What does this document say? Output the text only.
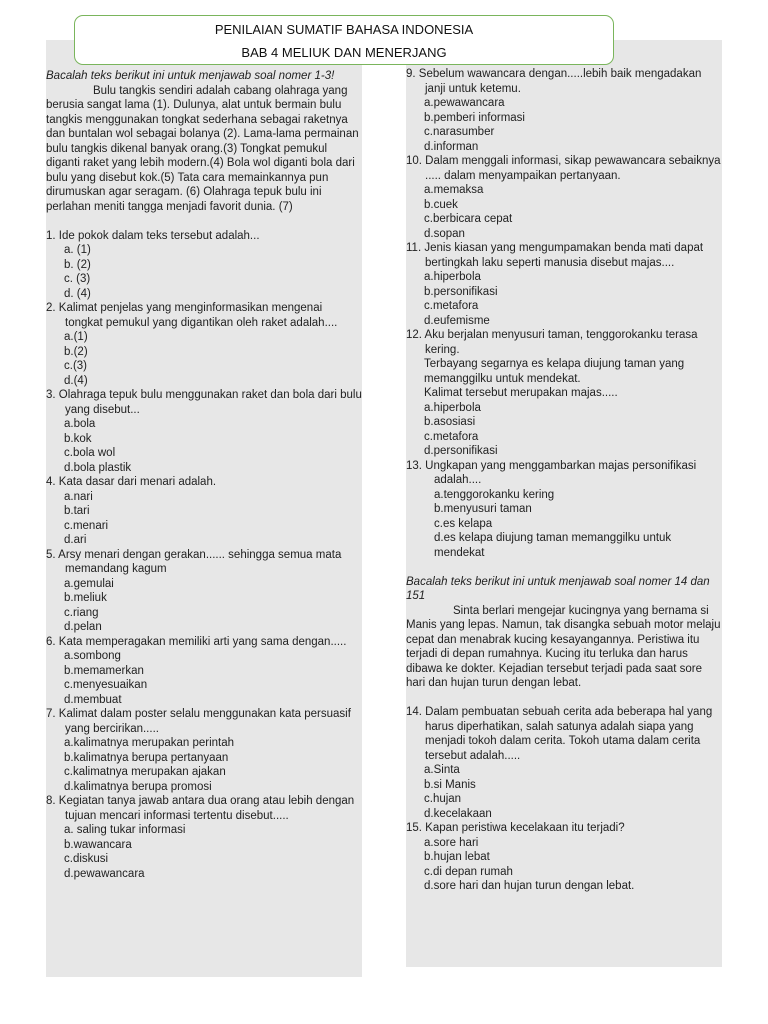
PENILAIAN SUMATIF BAHASA INDONESIA
BAB 4 MELIUK DAN MENERJANG
Bacalah teks berikut ini untuk menjawab soal nomer 1-3!
Bulu tangkis sendiri adalah cabang olahraga yang berusia sangat lama (1). Dulunya, alat untuk bermain bulu tangkis menggunakan tongkat sederhana sebagai raketnya dan buntalan wol sebagai bolanya (2). Lama-lama permainan bulu tangkis dikenal banyak orang.(3) Tongkat pemukul diganti raket yang lebih modern.(4) Bola wol diganti bola dari bulu yang disebut kok.(5) Tata cara memainkannya pun dirumuskan agar seragam. (6) Olahraga tepuk bulu ini perlahan meniti tangga menjadi favorit dunia. (7)
1. Ide pokok dalam teks tersebut adalah...
a. (1)
b. (2)
c. (3)
d. (4)
2. Kalimat penjelas yang menginformasikan mengenai tongkat pemukul yang digantikan oleh raket adalah....
a.(1)
b.(2)
c.(3)
d.(4)
3. Olahraga tepuk bulu menggunakan raket dan bola dari bulu yang disebut...
a.bola
b.kok
c.bola wol
d.bola plastik
4. Kata dasar dari menari adalah.
a.nari
b.tari
c.menari
d.ari
5. Arsy menari dengan gerakan...... sehingga semua mata memandang kagum
a.gemulai
b.meliuk
c.riang
d.pelan
6. Kata memperagakan memiliki arti yang sama dengan.....
a.sombong
b.memamerkan
c.menyesuaikan
d.membuat
7. Kalimat dalam poster selalu menggunakan kata persuasif yang bercirikan.....
a.kalimatnya merupakan perintah
b.kalimatnya berupa pertanyaan
c.kalimatnya merupakan ajakan
d.kalimatnya berupa promosi
8. Kegiatan tanya jawab antara dua orang atau lebih dengan tujuan mencari informasi tertentu disebut.....
a. saling tukar informasi
b.wawancara
c.diskusi
d.pewawancara
9. Sebelum wawancara dengan.....lebih baik mengadakan janji untuk ketemu.
a.pewawancara
b.pemberi informasi
c.narasumber
d.informan
10. Dalam menggali informasi, sikap pewawancara sebaiknya ..... dalam menyampaikan pertanyaan.
a.memaksa
b.cuek
c.berbicara cepat
d.sopan
11. Jenis kiasan yang mengumpamakan benda mati dapat bertingkah laku seperti manusia disebut majas....
a.hiperbola
b.personifikasi
c.metafora
d.eufemisme
12. Aku berjalan menyusuri taman, tenggorokanku terasa kering.
Terbayang segarnya es kelapa diujung taman yang memanggilku untuk mendekat.
Kalimat tersebut merupakan majas.....
a.hiperbola
b.asosiasi
c.metafora
d.personifikasi
13. Ungkapan yang menggambarkan majas personifikasi adalah....
a.tenggorokanku kering
b.menyusuri taman
c.es kelapa
d.es kelapa diujung taman memanggilku untuk mendekat
Bacalah teks berikut ini untuk menjawab soal nomer 14 dan 151
Sinta berlari mengejar kucingnya yang bernama si Manis yang lepas. Namun, tak disangka sebuah motor melaju cepat dan menabrak kucing kesayangannya. Peristiwa itu terjadi di depan rumahnya. Kucing itu terluka dan harus dibawa ke dokter. Kejadian tersebut terjadi pada saat sore hari dan hujan turun dengan lebat.
14. Dalam pembuatan sebuah cerita ada beberapa hal yang harus diperhatikan, salah satunya adalah siapa yang menjadi tokoh dalam cerita. Tokoh utama dalam cerita tersebut adalah.....
a.Sinta
b.si Manis
c.hujan
d.kecelakaan
15. Kapan peristiwa kecelakaan itu terjadi?
a.sore hari
b.hujan lebat
c.di depan rumah
d.sore hari dan hujan turun dengan lebat.
